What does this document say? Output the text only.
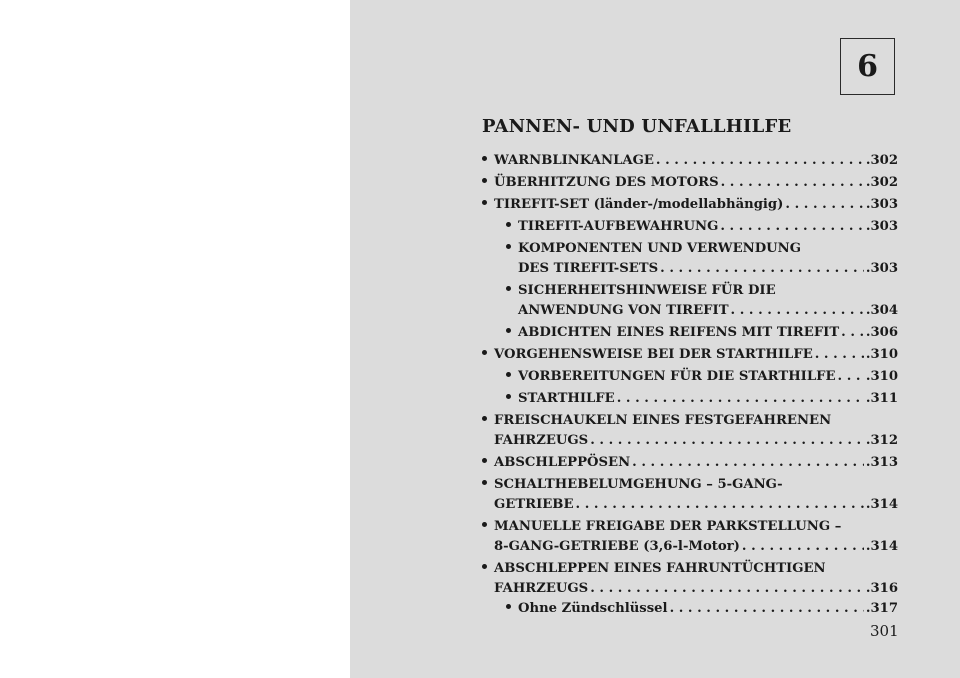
6
PANNEN- UND UNFALLHILFE
WARNBLINKANLAGE . . .	.302
ÜBERHITZUNG DES MOTORS . . .	.302
TIREFIT-SET (länder-/modellabhängig) . . .	.303
TIREFIT-AUFBEWAHRUNG . . .	.303
KOMPONENTEN UND VERWENDUNG
DES TIREFIT-SETS . . .	.303
SICHERHEITSHINWEISE FÜR DIE
ANWENDUNG VON TIREFIT . . .	.304
ABDICHTEN EINES REIFENS MIT TIREFIT . . . .306
VORGEHENSWEISE BEI DER STARTHILFE . . .	.310
VORBEREITUNGEN FÜR DIE STARTHILFE . . . .310
STARTHILFE . . .	.311
FREISCHAUKELN EINES FESTGEFAHRENEN
FAHRZEUGS . . .	.312
ABSCHLEPPÖSEN . . .	.313
SCHALTHEBELUMGEHUNG – 5-GANG-
GETRIEBE . . .	.314
MANUELLE FREIGABE DER PARKSTELLUNG –
8-GANG-GETRIEBE (3,6-l-Motor) . . .	.314
ABSCHLEPPEN EINES FAHRUNTÜCHTIGEN
FAHRZEUGS . . .	.316
Ohne Zündschlüssel . . .	.317
301
